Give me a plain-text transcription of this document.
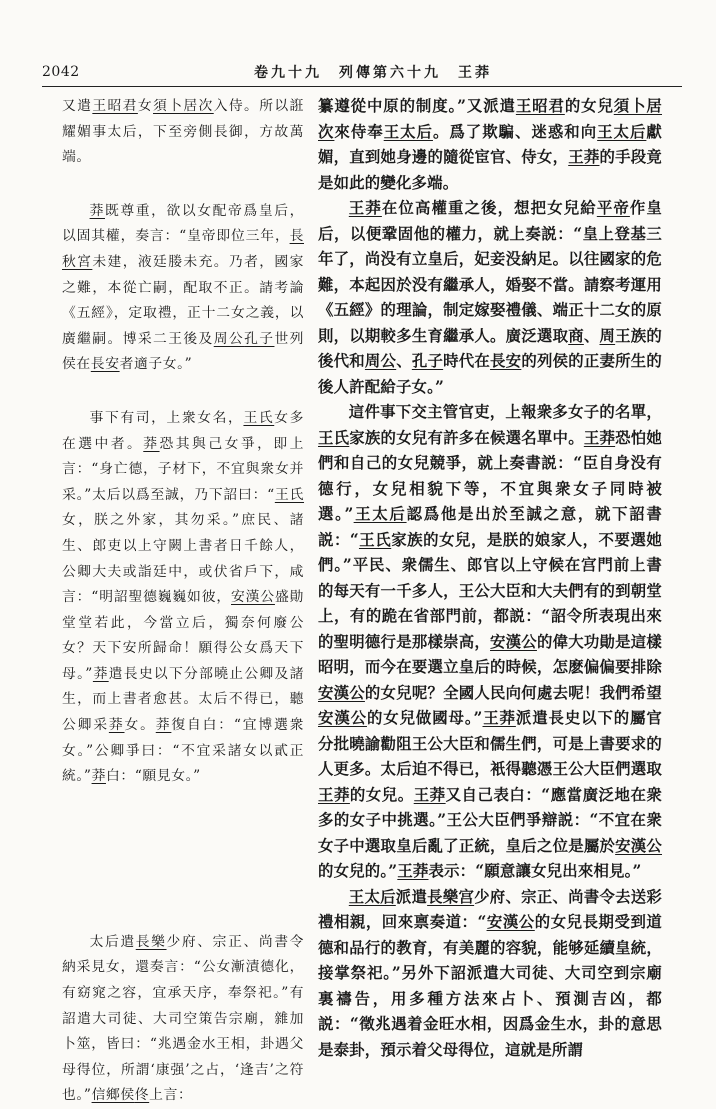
2042	卷九十九　列傳第六十九　王莽

又遣王昭君女須卜居次入侍。所以誑耀媚事太后，下至旁側長御，方故萬端。

莽既尊重，欲以女配帝爲皇后，以固其權，奏言：“皇帝即位三年，長秋宮未建，液廷媵未充。乃者，國家之難，本從亡嗣，配取不正。請考論《五經》，定取禮，正十二女之義，以廣繼嗣。博采二王後及周公孔子世列侯在長安者適子女。”

事下有司，上衆女名，王氏女多在選中者。莽恐其與己女爭，即上言：“身亡德，子材下，不宜與衆女并采。”太后以爲至誠，乃下詔曰：“王氏女，朕之外家，其勿采。”庶民、諸生、郎吏以上守闕上書者日千餘人，公卿大夫或詣廷中，或伏省戶下，咸言：“明詔聖德巍巍如彼，安漢公盛勛堂堂若此，今當立后，獨奈何廢公女？天下安所歸命！願得公女爲天下母。”莽遣長史以下分部曉止公卿及諸生，而上書者愈甚。太后不得已，聽公卿采莽女。莽復自白：“宜博選衆女。”公卿爭曰：“不宜采諸女以貳正統。”莽白：“願見女。”

太后遣長樂少府、宗正、尚書令納采見女，還奏言：“公女漸漬德化，有窈窕之容，宜承天序，奉祭祀。”有詔遣大司徒、大司空策告宗廟，雜加卜筮，皆曰：“兆遇金水王相，卦遇父母得位，所謂‘康强’之占，‘逢吉’之符也。”信鄉侯佟上言：

纂遵從中原的制度。”又派遣王昭君的女兒須卜居次來侍奉王太后。爲了欺騙、迷惑和向王太后獻媚，直到她身邊的隨從宦官、侍女，王莽的手段竟是如此的變化多端。

王莽在位高權重之後，想把女兒給平帝作皇后，以便鞏固他的權力，就上奏説：“皇上登基三年了，尚没有立皇后，妃妾没納足。以往國家的危難，本起因於没有繼承人，婚娶不當。請察考運用《五經》的理論，制定嫁娶禮儀、端正十二女的原則，以期較多生育繼承人。廣泛選取商、周王族的後代和周公、孔子時代在長安的列侯的正妻所生的後人許配給子女。”

這件事下交主管官吏，上報衆多女子的名單，王氏家族的女兒有許多在候選名單中。王莽恐怕她們和自己的女兒競爭，就上奏書説：“臣自身没有德行，女兒相貌下等，不宜與衆女子同時被選。”王太后認爲他是出於至誠之意，就下詔書説：“王氏家族的女兒，是朕的娘家人，不要選她們。”平民、衆儒生、郎官以上守候在宫門前上書的每天有一千多人，王公大臣和大夫們有的到朝堂上，有的跪在省部門前，都説：“詔令所表現出來的聖明德行是那樣崇高，安漢公的偉大功勛是這樣昭明，而今在要選立皇后的時候，怎麽偏偏要排除安漢公的女兒呢？全國人民向何處去呢！我們希望安漢公的女兒做國母。”王莽派遣長史以下的屬官分批曉諭勸阻王公大臣和儒生們，可是上書要求的人更多。太后迫不得已，衹得聽憑王公大臣們選取王莽的女兒。王莽又自己表白：“應當廣泛地在衆多的女子中挑選。”王公大臣們爭辯説：“不宜在衆女子中選取皇后亂了正統，皇后之位是屬於安漢公的女兒的。”王莽表示：“願意讓女兒出來相見。”

王太后派遣長樂宫少府、宗正、尚書令去送彩禮相親，回來禀奏道：“安漢公的女兒長期受到道德和品行的教育，有美麗的容貌，能够延續皇統，接掌祭祀。”另外下詔派遣大司徒、大司空到宗廟裏禱告，用多種方法來占卜、預測吉凶，都説：“徵兆遇着金旺水相，因爲金生水，卦的意思是泰卦，預示着父母得位，這就是所謂
